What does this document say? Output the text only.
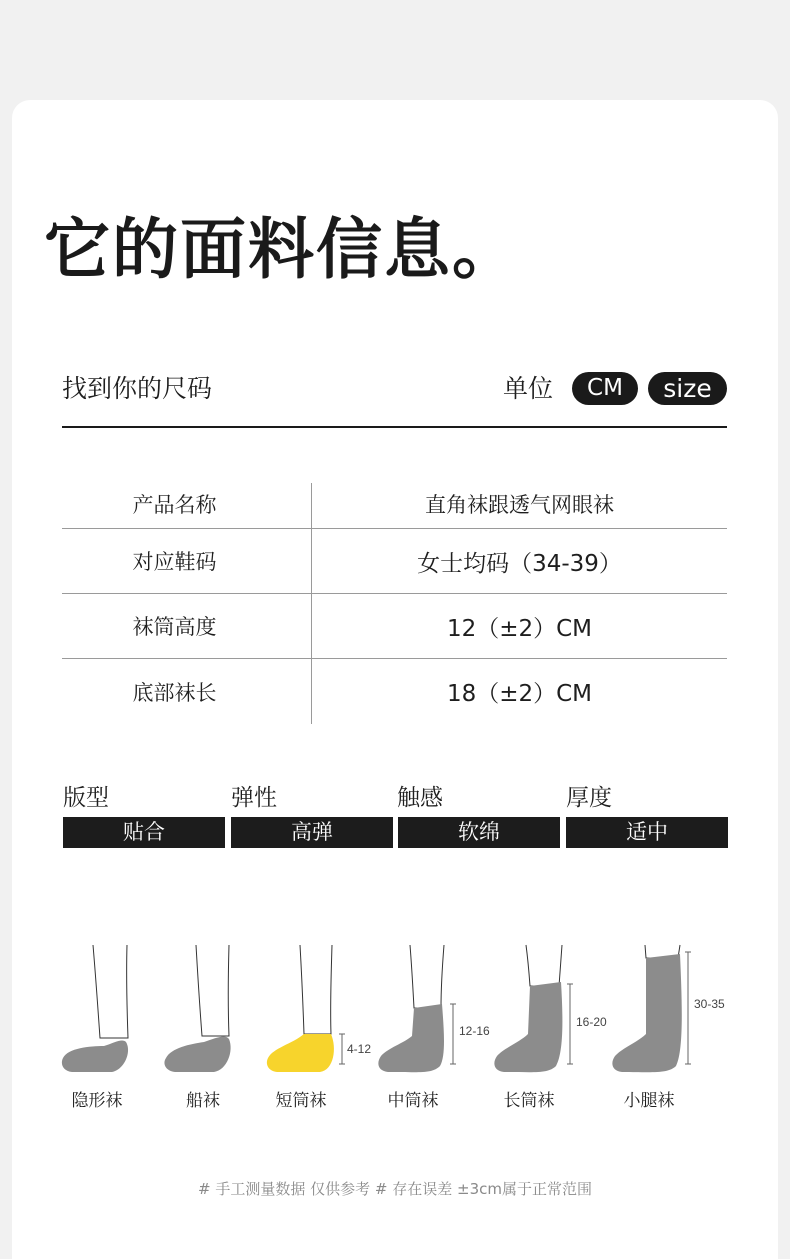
它的面料信息。
找到你的尺码	单位	CM	size
产品名称	直角袜跟透气网眼袜
对应鞋码	女士均码（34-39）
袜筒高度	12（±2）CM
底部袜长	18（±2）CM
版型	弹性	触感	厚度
贴合	高弹	软绵	适中
4-12
12-16
16-20
30-35
隐形袜	船袜	短筒袜	中筒袜	长筒袜	小腿袜
# 手工测量数据 仅供参考 # 存在误差 ±3cm属于正常范围
